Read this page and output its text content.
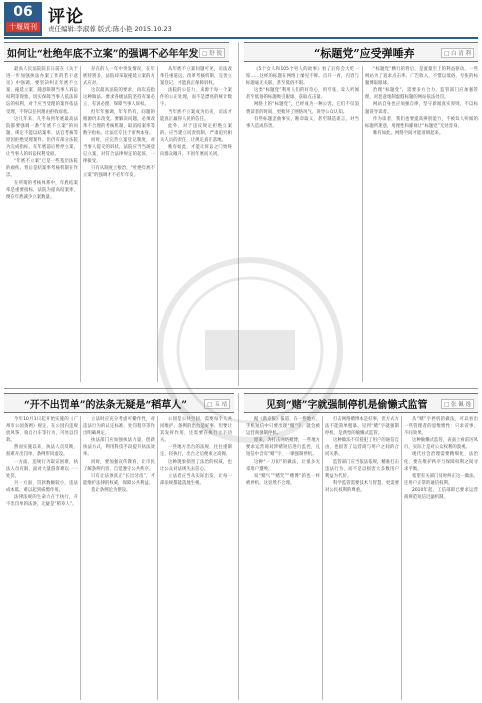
06
十堰周刊 评论
责任编辑:李淑蓉 版式:陈小艳 2015.10.23
如何让“杜绝年底不立案”的强调不必年年发 □ 舒 锐

最高人民法院院长日前在《关于进一步加强执法办案工作的若干意见》中强调，要坚决纠正年底不立案、拖延立案、随意限制当事人诉讼权利等现象，切实保障当事人依法诉讼的权利，对于应当受理的案件依法受理，不得以任何理由拒收诉状。

这几年来，几乎每到年底最高法院都要强调一番“年底不立案”的问题，规定不能以结案率、法官考核等原因拒绝受理案件。但仍有部分法院为完成指标，在年底前后暂停立案，让当事人的诉讼权利受损。

“年底不立案”已是一些基层法院的顽疾，背后是结案率考核机制在作祟。

在所谓的考核体系中，年底结案率是重要指标，法院为提高结案率，便在年底减少立案数量。

存在的人一年中突发情况，在年底特别多，法院却采取拖延立案的方式应对。

这次最高法院的要求，再次直指这种做法。要求各级法院坚持有案必立、有诉必理，保障当事人诉权。

但年年强调，年年仍有，问题的根源仍未改变。要解决问题，必须改革不合理的考核机制，取消结案率等数字指标，让法官专注于审判本身。

同时，应完善立案登记制度，对当事人提交的诉状，法院应当当场登记立案，对符合法律规定的起诉，一律接受。

只有从制度上根治，“杜绝年底不立案”的强调才不必年年发。

从年底不立案问题可见，司法改革任重道远。改革考核机制，完善立案登记，才能真正保障诉权。

法院的公信力，来源于每一个案件的公正处理，而不是漂亮的统计数字。

当年底不立案成为历史，司法才能真正赢得人民的信任。

此外，对于违反规定拒绝立案的，应当建立问责机制，严肃追究相关人员的责任，让规定真正落地。

唯有如此，才能让诉讼之门始终向群众敞开，不因年底而关闭。

“标题党”应受弹唾弃	□ 白 清 利

《5个女人和105个男人的故事》看了后你会大吃一惊……这样的标题在网络上屡见不鲜。点开一看，内容与标题毫无关联，甚至低俗不堪。

这类“标题党”利用人们的好奇心，用夸张、耸人听闻甚至低俗的标题吸引眼球，获取点击量。

网络上的“标题党”，已经成为一种公害。它们不仅浪费读者的时间，更败坏了网络风气，误导公众认知。

有些标题歪曲事实，断章取义，甚至制造谣言，对当事人造成伤害。

“标题党”横行的背后，是流量至上的利益驱动。一些网站为了追求点击率、广告收入，不惜以低俗、夸张的标题博取眼球。

治理“标题党”，需要多方合力。监管部门应加强管理，对恶意炮制虚假标题的网站依法处罚。

网站自身也应加强自律，坚守新闻真实原则，不以标题误导读者。

作为读者，我们也要提高辨别能力，不被耸人听闻的标题所迷惑，用理性和鄙视让“标题党”无处容身。

唯有如此，网络空间才能清朗起来。

“开不出罚单”的法条无疑是“稻草人”	□ 韦 靖

今年10月1日起开始实施的《广州市公园条例》规定，在公园内违规放风筝、骑自行车等行为，可处以罚款。

然而实施以来，执法人员反映，很难开出罚单，条例形同虚设。

一方面，违规行为取证困难，执法人员有限，面对大量游客难以一一处罚。

另一方面，罚款数额较小，违法成本低，难以起到威慑作用。

法律法规的生命力在于执行，开不出罚单的法条，无疑是“稻草人”。

立法时应充分考虑可操作性，对违法行为的认定标准、处罚程序等作出明确规定。

执法部门应加强执法力量，创新执法方式，利用科技手段提升执法效率。

同时，要加强宣传教育，让市民了解条例内容，自觉遵守公共秩序。

只有让法条真正“长出牙齿”，才能维护法律的权威，保障公共利益。

莫让条例沦为摆设。

公园是公共空间，需要每个人共同维护。条例的出台是好事，但要让其发挥作用，还需要在执行上下功夫。

一些地方出台的法规，往往重制定、轻执行，出台之后便束之高阁。

这种现象损害了法治的权威，也让公众对法规失去信心。

立法者应当从实际出发，让每一部法规都能落地生根。

见到“赌”字就强制停机是偷懒式监管	□ 张 佩 逸

据《新京报》报道，在一些地方，手机短信中只要出现“赌”字，就会被运营商强制停机。

原来，为打击网络赌博，一些地方要求运营商对涉赌短信进行监控，凡短信中含有“赌”字，一律强制停机。

这种“一刀切”的做法，让很多无辜用户遭殃。

说“赌气”“赌咒”“赌博”的也一样被停机，这显然不合理。

打击网络赌博本是好事，但方式方法不能简单粗暴。见到“赌”字就强制停机，是典型的偷懒式监管。

这种做法不仅侵犯了用户的通信自由，也损害了运营商与用户之间的合同关系。

监管部门应当依法依规，精准打击违法行为，而不是以损害大多数用户利益为代价。

科学监管需要技术与智慧，更需要对公民权利的尊重。

从“赌”字停机的做法，可以看出一些管理者的思维惯性：只求省事，不问效果。

这种偷懒式监管，表面上看雷厉风行，实际上是对公众权利的漠视。

现代社会治理需要精细化、法治化，要在维护秩序与保障权利之间寻求平衡。

希望有关部门及时纠正这一做法，还用户正常的通信权利。

2010年起，工信部即已要求运营商规范短信过滤机制。
